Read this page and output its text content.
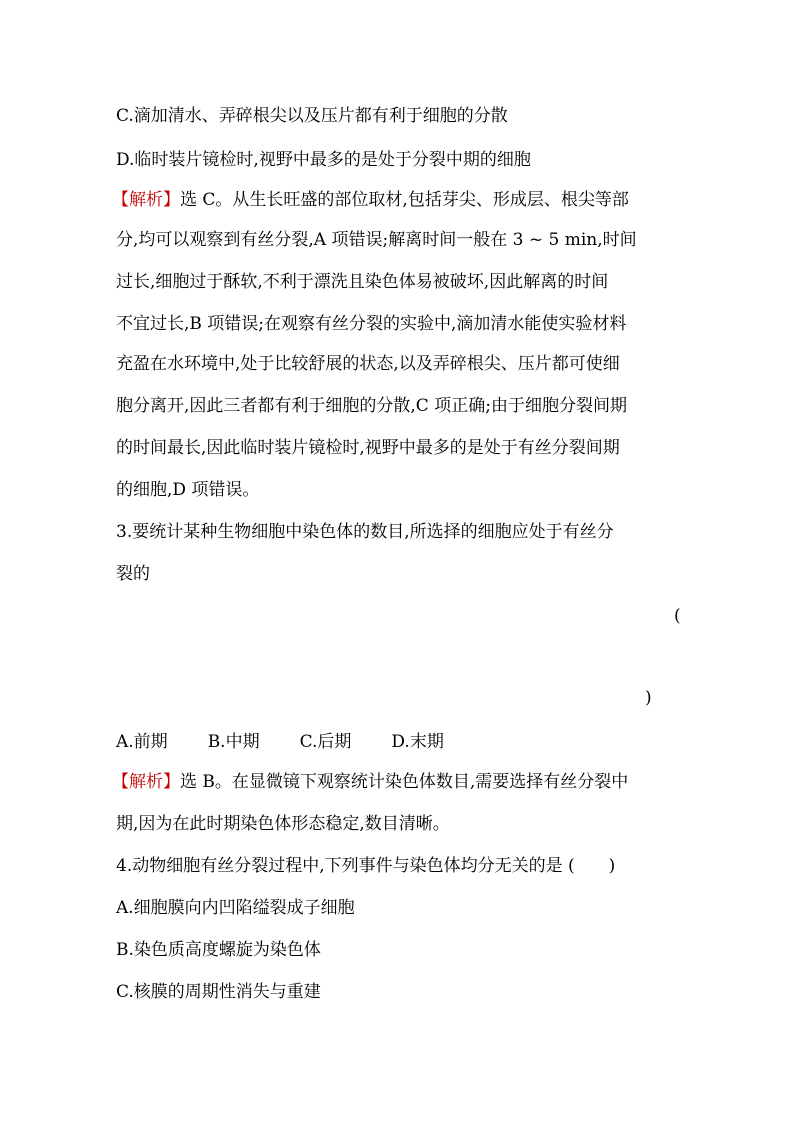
C.滴加清水、弄碎根尖以及压片都有利于细胞的分散
D.临时装片镜检时,视野中最多的是处于分裂中期的细胞
【解析】选 C。从生长旺盛的部位取材,包括芽尖、形成层、根尖等部
分,均可以观察到有丝分裂,A 项错误;解离时间一般在 3 ~ 5 min,时间
过长,细胞过于酥软,不利于漂洗且染色体易被破坏,因此解离的时间
不宜过长,B 项错误;在观察有丝分裂的实验中,滴加清水能使实验材料
充盈在水环境中,处于比较舒展的状态,以及弄碎根尖、压片都可使细
胞分离开,因此三者都有利于细胞的分散,C 项正确;由于细胞分裂间期
的时间最长,因此临时装片镜检时,视野中最多的是处于有丝分裂间期
的细胞,D 项错误。
3.要统计某种生物细胞中染色体的数目,所选择的细胞应处于有丝分
裂的
(
)
A.前期 B.中期 C.后期 D.末期
【解析】选 B。在显微镜下观察统计染色体数目,需要选择有丝分裂中
期,因为在此时期染色体形态稳定,数目清晰。
4.动物细胞有丝分裂过程中,下列事件与染色体均分无关的是 (　　)
A.细胞膜向内凹陷缢裂成子细胞
B.染色质高度螺旋为染色体
C.核膜的周期性消失与重建
